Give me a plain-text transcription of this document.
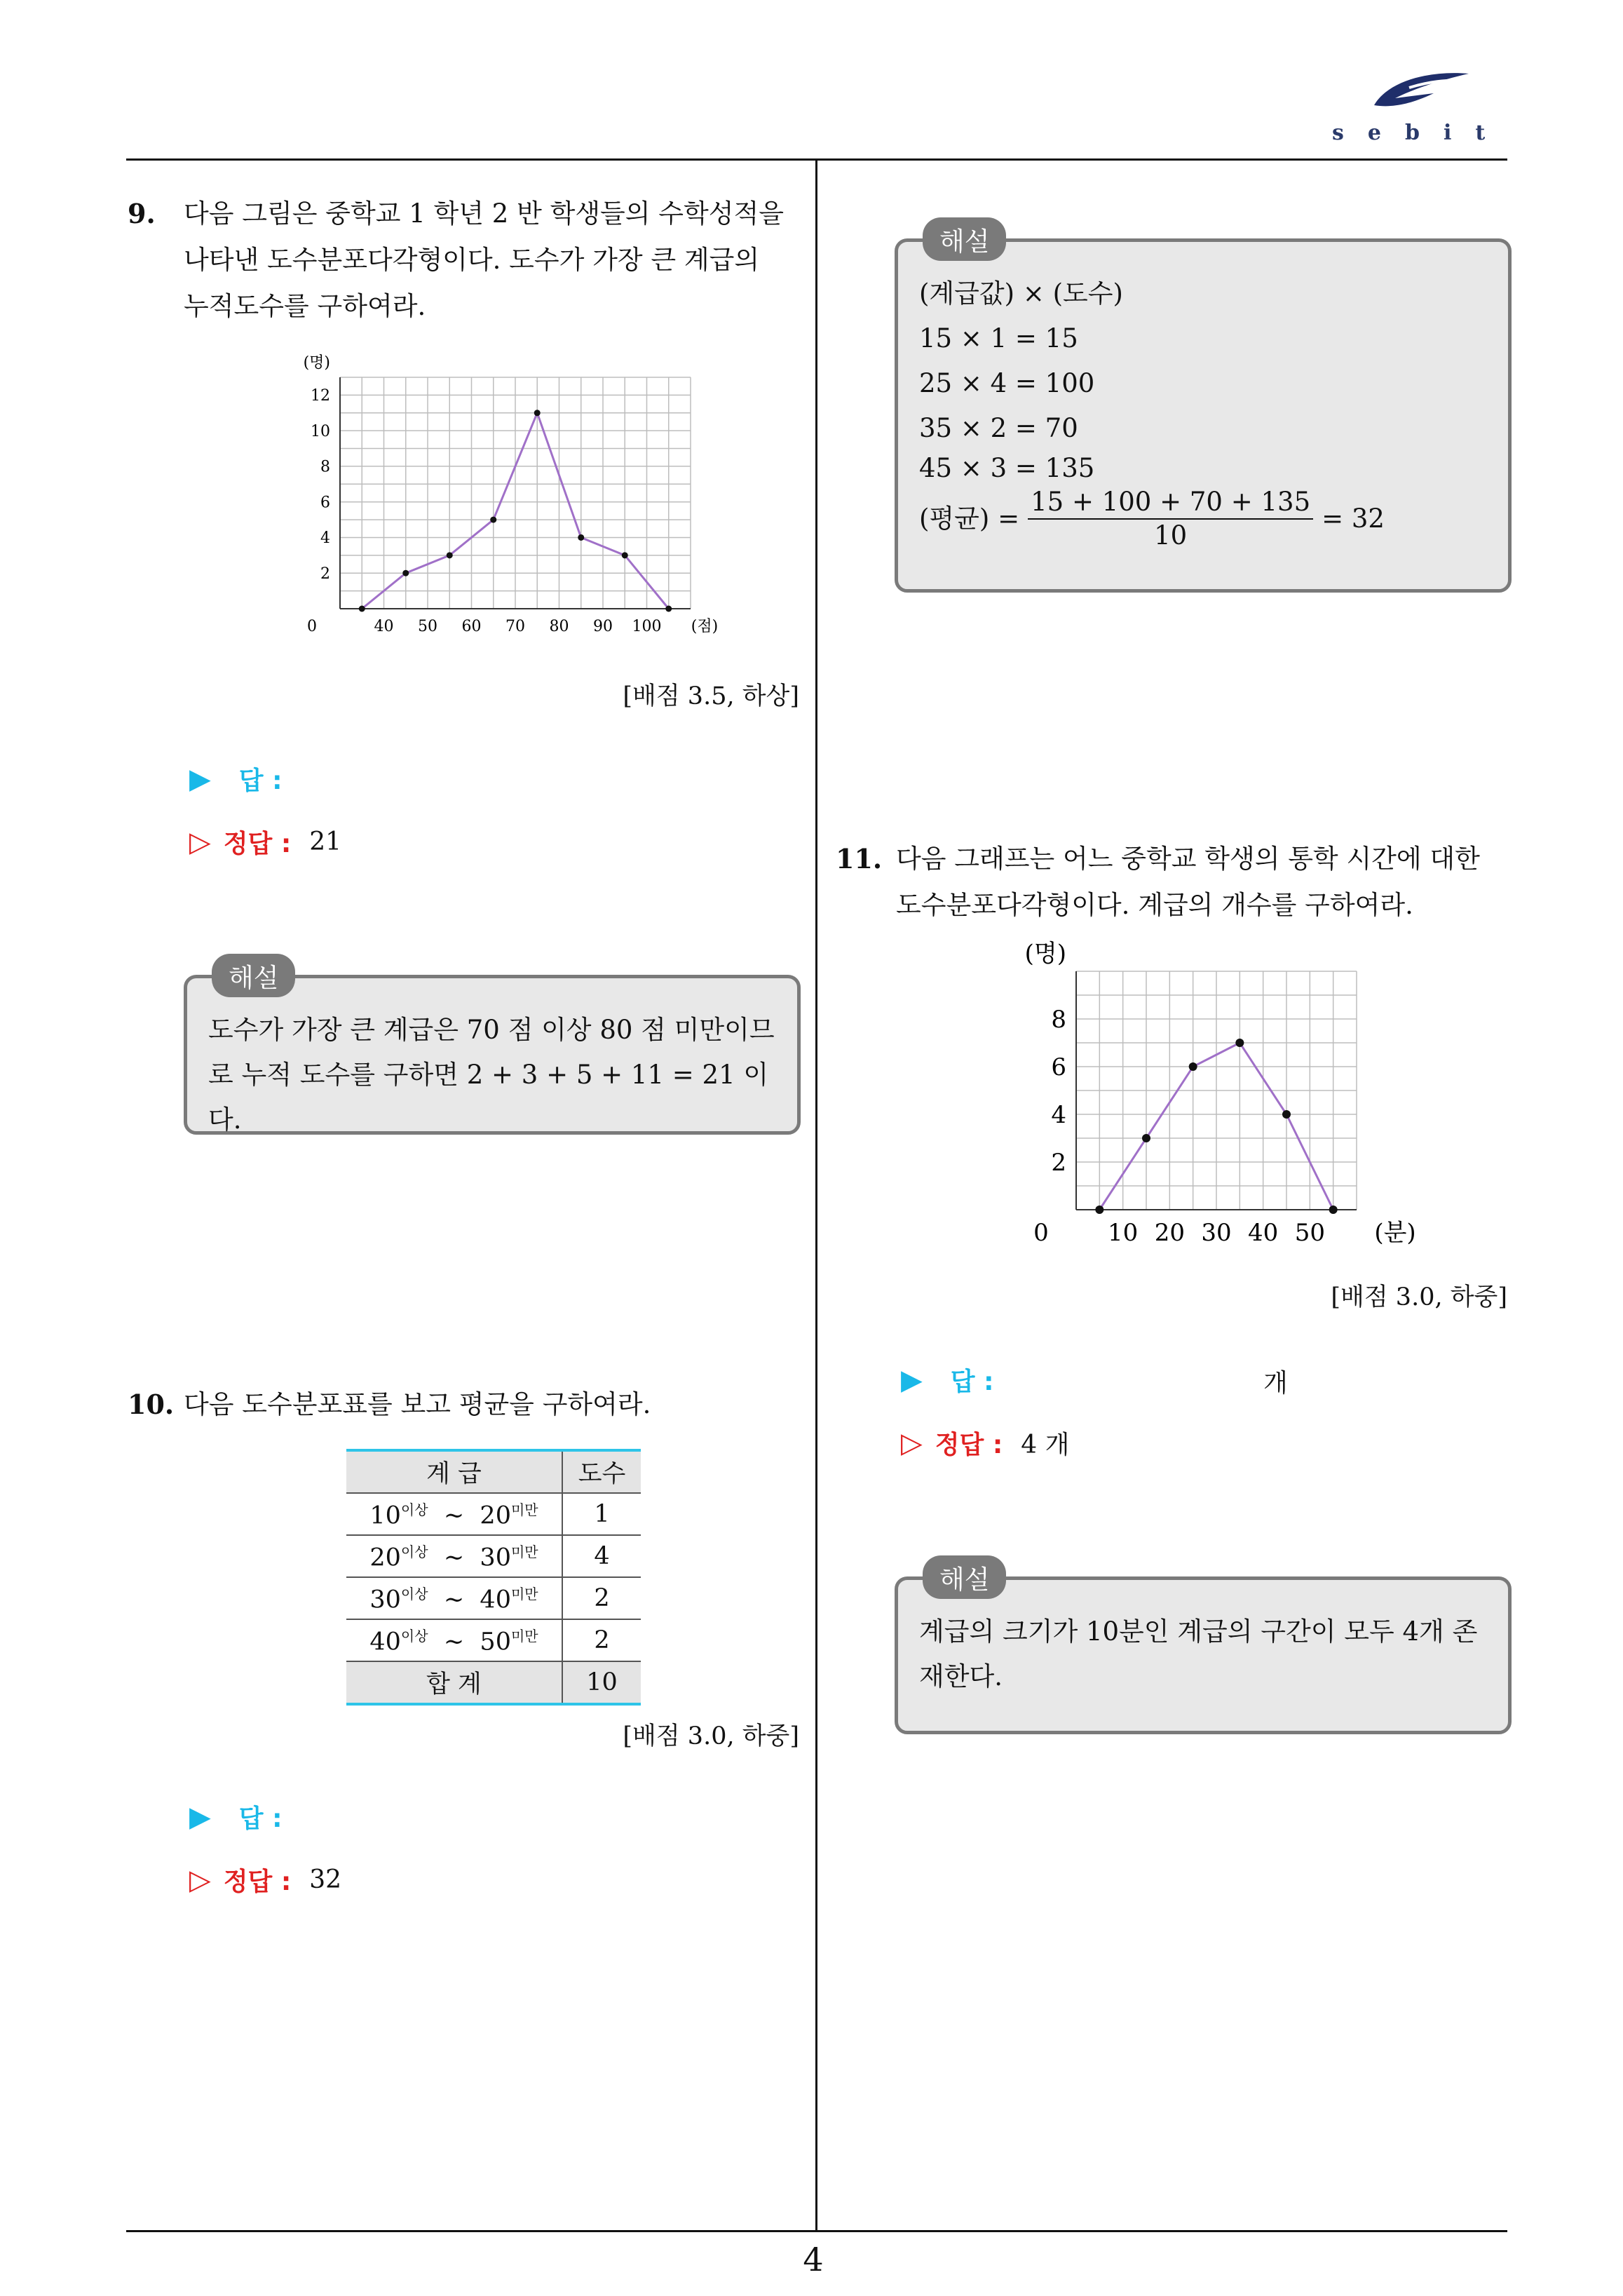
sebit
4
9. 다음 그림은 중학교 1 학년 2 반 학생들의 수학성적을
나타낸 도수분포다각형이다. 도수가 가장 큰 계급의
누적도수를 구하여라.
40 50 60 70 80 90 100
2
4
6
8
10
12
0
(명)
(점)
[배점 3.5, 하상]
▶ 답 :
▷ 정답 : 21
도수가 가장 큰 계급은 70 점 이상 80 점 미만이므
로 누적 도수를 구하면 2 + 3 + 5 + 11 = 21 이다.
해설
10. 다음 도수분포표를 보고 평균을 구하여라.
계 급	도수
$10^{이상}$ ~ $20^{미만}$	1
$20^{이상}$ ~ $30^{미만}$	4
$30^{이상}$ ~ $40^{미만}$	2
$40^{이상}$ ~ $50^{미만}$	2
합 계	10
[배점 3.0, 하중]
▶ 답 :
▷ 정답 : 32
(계급값) × (도수)
15 × 1 = 15
25 × 4 = 100
35 × 2 = 70
45 × 3 = 135
(평균) = $\frac{15 + 100 + 70 + 135}{10} = 32$
해설
11. 다음 그래프는 어느 중학교 학생의 통학 시간에 대한
도수분포다각형이다. 계급의 개수를 구하여라.
10 20 30 40 50
2
4
6
8
0
(명)
(분)
[배점 3.0, 하중]
▶ 답 :	개
▷ 정답 : 4 개
계급의 크기가 10분인 계급의 구간이 모두 4개 존
재한다.
해설
